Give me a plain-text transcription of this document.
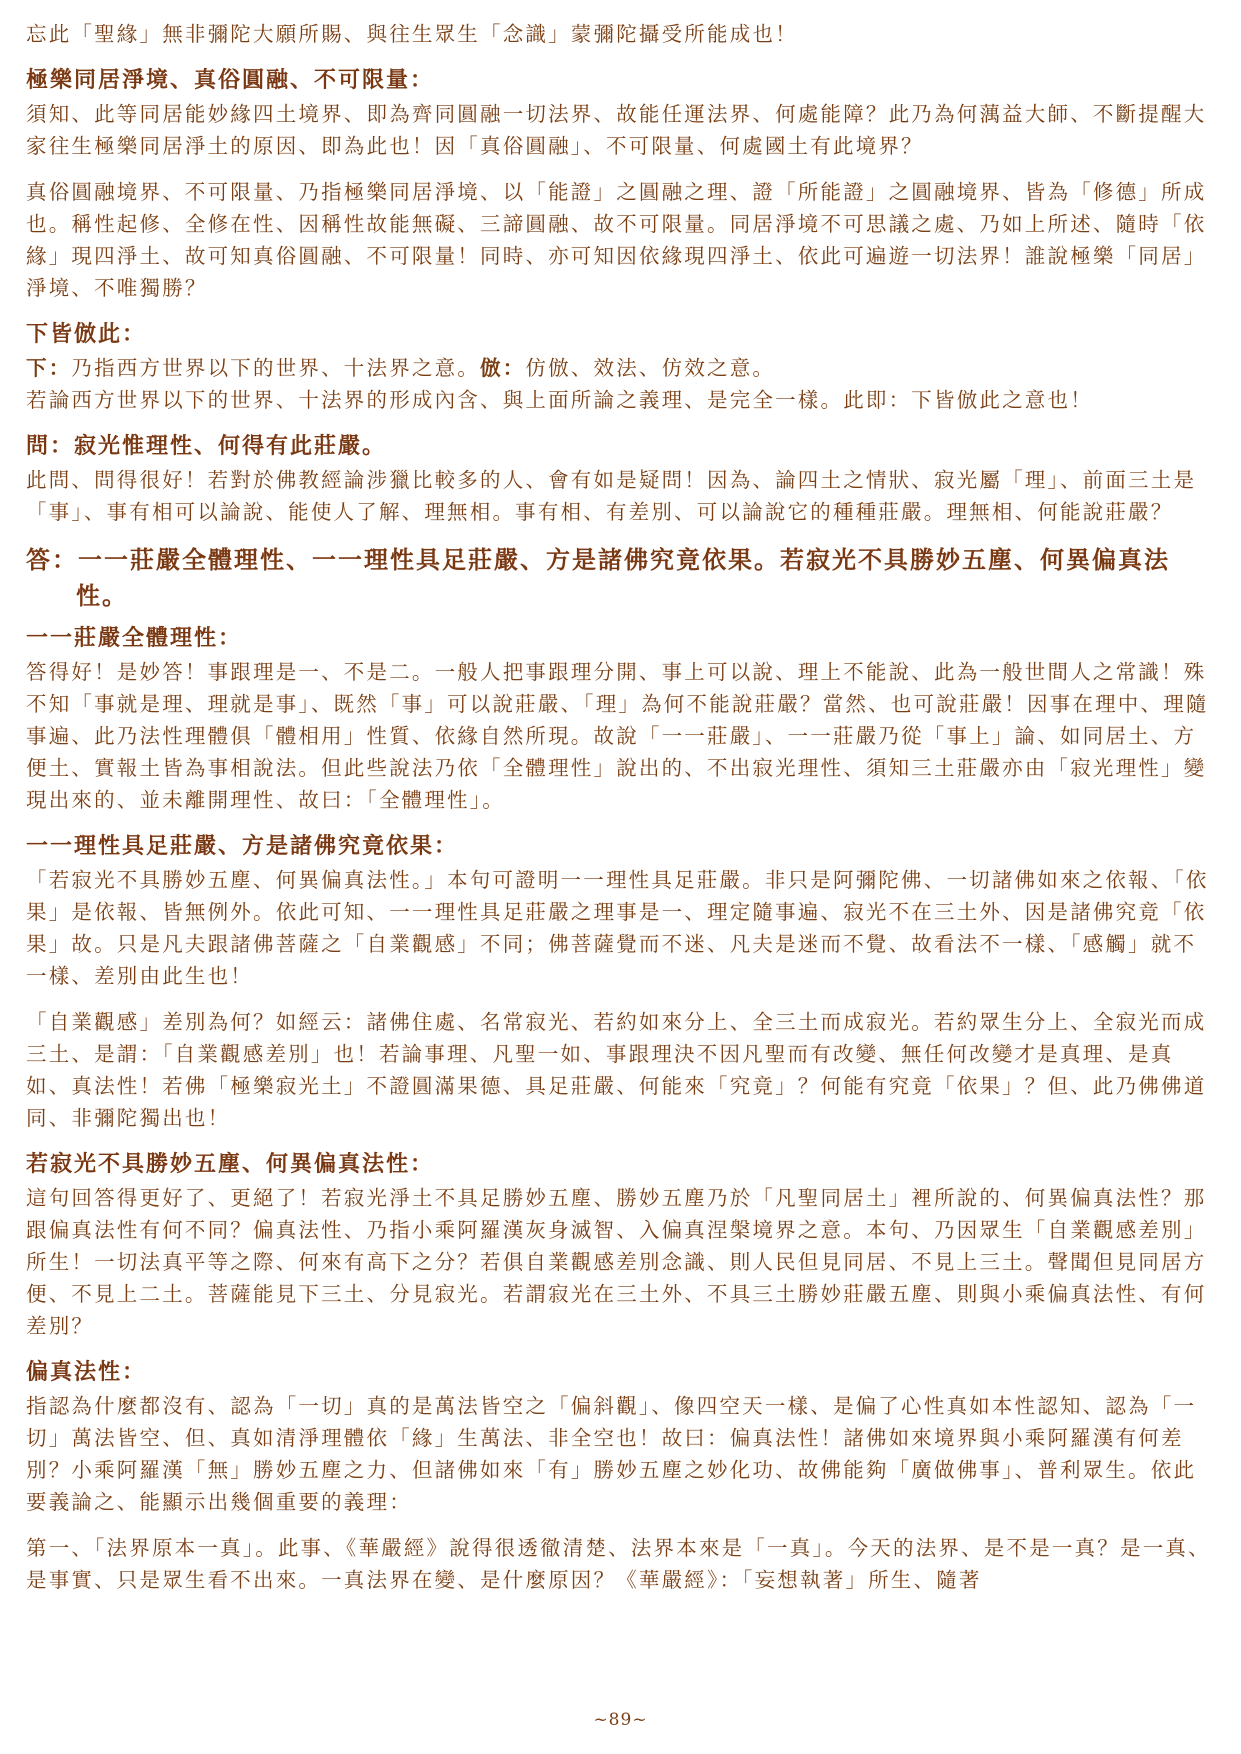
忘此「聖緣」無非彌陀大願所賜、與往生眾生「念識」蒙彌陀攝受所能成也！

極樂同居淨境、真俗圓融、不可限量：

須知、此等同居能妙緣四土境界、即為齊同圓融一切法界、故能任運法界、何處能障？此乃為何蕅益大師、不斷提醒大家往生極樂同居淨土的原因、即為此也！因「真俗圓融」、不可限量、何處國土有此境界？

真俗圓融境界、不可限量、乃指極樂同居淨境、以「能證」之圓融之理、證「所能證」之圓融境界、皆為「修德」所成也。稱性起修、全修在性、因稱性故能無礙、三諦圓融、故不可限量。同居淨境不可思議之處、乃如上所述、隨時「依緣」現四淨土、故可知真俗圓融、不可限量！同時、亦可知因依緣現四淨土、依此可遍遊一切法界！誰說極樂「同居」淨境、不唯獨勝？

下皆倣此：

下：乃指西方世界以下的世界、十法界之意。倣：仿倣、效法、仿效之意。

若論西方世界以下的世界、十法界的形成內含、與上面所論之義理、是完全一樣。此即：下皆倣此之意也！

問：寂光惟理性、何得有此莊嚴。

此問、問得很好！若對於佛教經論涉獵比較多的人、會有如是疑問！因為、論四土之情狀、寂光屬「理」、前面三土是「事」、事有相可以論說、能使人了解、理無相。事有相、有差別、可以論說它的種種莊嚴。理無相、何能說莊嚴？

答：一一莊嚴全體理性、一一理性具足莊嚴、方是諸佛究竟依果。若寂光不具勝妙五塵、何異偏真法性。
一一莊嚴全體理性：

答得好！是妙答！事跟理是一、不是二。一般人把事跟理分開、事上可以說、理上不能說、此為一般世間人之常識！殊不知「事就是理、理就是事」、既然「事」可以說莊嚴、「理」為何不能說莊嚴？當然、也可說莊嚴！因事在理中、理隨事遍、此乃法性理體俱「體相用」性質、依緣自然所現。故說「一一莊嚴」、一一莊嚴乃從「事上」論、如同居土、方便土、實報土皆為事相說法。但此些說法乃依「全體理性」說出的、不出寂光理性、須知三土莊嚴亦由「寂光理性」變現出來的、並未離開理性、故曰：「全體理性」。

一一理性具足莊嚴、方是諸佛究竟依果：

「若寂光不具勝妙五塵、何異偏真法性。」本句可證明一一理性具足莊嚴。非只是阿彌陀佛、一切諸佛如來之依報、「依果」是依報、皆無例外。依此可知、一一理性具足莊嚴之理事是一、理定隨事遍、寂光不在三土外、因是諸佛究竟「依果」故。只是凡夫跟諸佛菩薩之「自業觀感」不同；佛菩薩覺而不迷、凡夫是迷而不覺、故看法不一樣、「感觸」就不一樣、差別由此生也！

「自業觀感」差別為何？如經云：諸佛住處、名常寂光、若約如來分上、全三土而成寂光。若約眾生分上、全寂光而成三土、是謂：「自業觀感差別」也！若論事理、凡聖一如、事跟理決不因凡聖而有改變、無任何改變才是真理、是真如、真法性！若佛「極樂寂光土」不證圓滿果德、具足莊嚴、何能來「究竟」？何能有究竟「依果」？但、此乃佛佛道同、非彌陀獨出也！

若寂光不具勝妙五塵、何異偏真法性：

這句回答得更好了、更絕了！若寂光淨土不具足勝妙五塵、勝妙五塵乃於「凡聖同居土」裡所說的、何異偏真法性？那跟偏真法性有何不同？偏真法性、乃指小乘阿羅漢灰身滅智、入偏真涅槃境界之意。本句、乃因眾生「自業觀感差別」所生！一切法真平等之際、何來有高下之分？若俱自業觀感差別念識、則人民但見同居、不見上三土。聲聞但見同居方便、不見上二土。菩薩能見下三土、分見寂光。若謂寂光在三土外、不具三土勝妙莊嚴五塵、則與小乘偏真法性、有何差別？

偏真法性：

指認為什麼都沒有、認為「一切」真的是萬法皆空之「偏斜觀」、像四空天一樣、是偏了心性真如本性認知、認為「一切」萬法皆空、但、真如清淨理體依「緣」生萬法、非全空也！故曰：偏真法性！諸佛如來境界與小乘阿羅漢有何差別？小乘阿羅漢「無」勝妙五塵之力、但諸佛如來「有」勝妙五塵之妙化功、故佛能夠「廣做佛事」、普利眾生。依此要義論之、能顯示出幾個重要的義理：

第一、「法界原本一真」。此事、《華嚴經》說得很透徹清楚、法界本來是「一真」。今天的法界、是不是一真？是一真、是事實、只是眾生看不出來。一真法界在變、是什麼原因？《華嚴經》：「妄想執著」所生、隨著

~89~
